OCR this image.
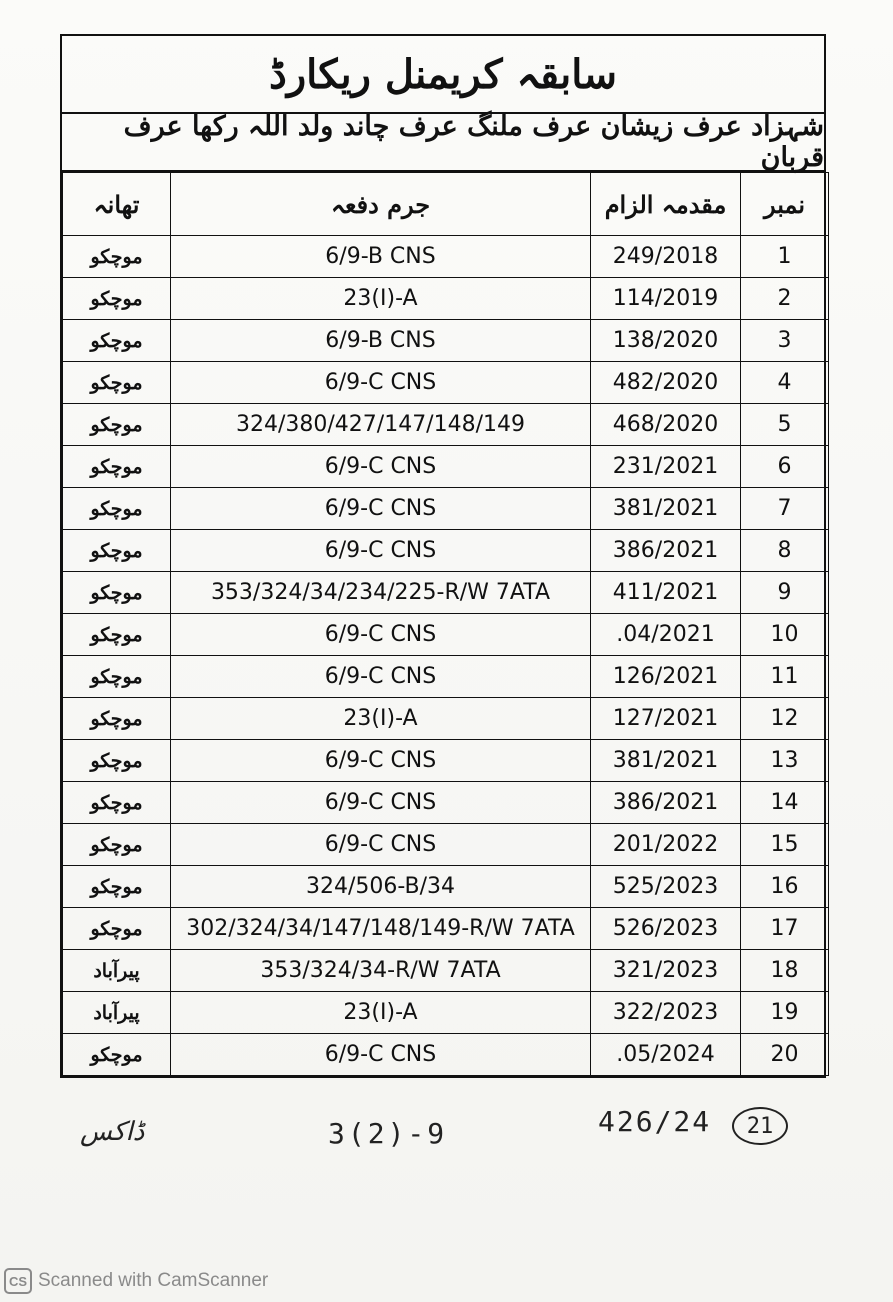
سابقہ کریمنل ریکارڈ
شہزاد عرف زیشان عرف ملنگ عرف چاند ولد اللہ رکھا عرف قربان
تھانہ	جرم دفعہ	مقدمہ الزام	نمبر
موچکو	6/9-B CNS	249/2018	1
موچکو	23(I)-A	114/2019	2
موچکو	6/9-B CNS	138/2020	3
موچکو	6/9-C CNS	482/2020	4
موچکو	324/380/427/147/148/149	468/2020	5
موچکو	6/9-C CNS	231/2021	6
موچکو	6/9-C CNS	381/2021	7
موچکو	6/9-C CNS	386/2021	8
موچکو	353/324/34/234/225-R/W 7ATA	411/2021	9
موچکو	6/9-C CNS	.04/2021	10
موچکو	6/9-C CNS	126/2021	11
موچکو	23(I)-A	127/2021	12
موچکو	6/9-C CNS	381/2021	13
موچکو	6/9-C CNS	386/2021	14
موچکو	6/9-C CNS	201/2022	15
موچکو	324/506-B/34	525/2023	16
موچکو	302/324/34/147/148/149-R/W 7ATA	526/2023	17
پیرآباد	353/324/34-R/W 7ATA	321/2023	18
پیرآباد	23(I)-A	322/2023	19
موچکو	6/9-C CNS	.05/2024	20
ڈاکس	3(2)-9	426/24	21
CS Scanned with CamScanner
